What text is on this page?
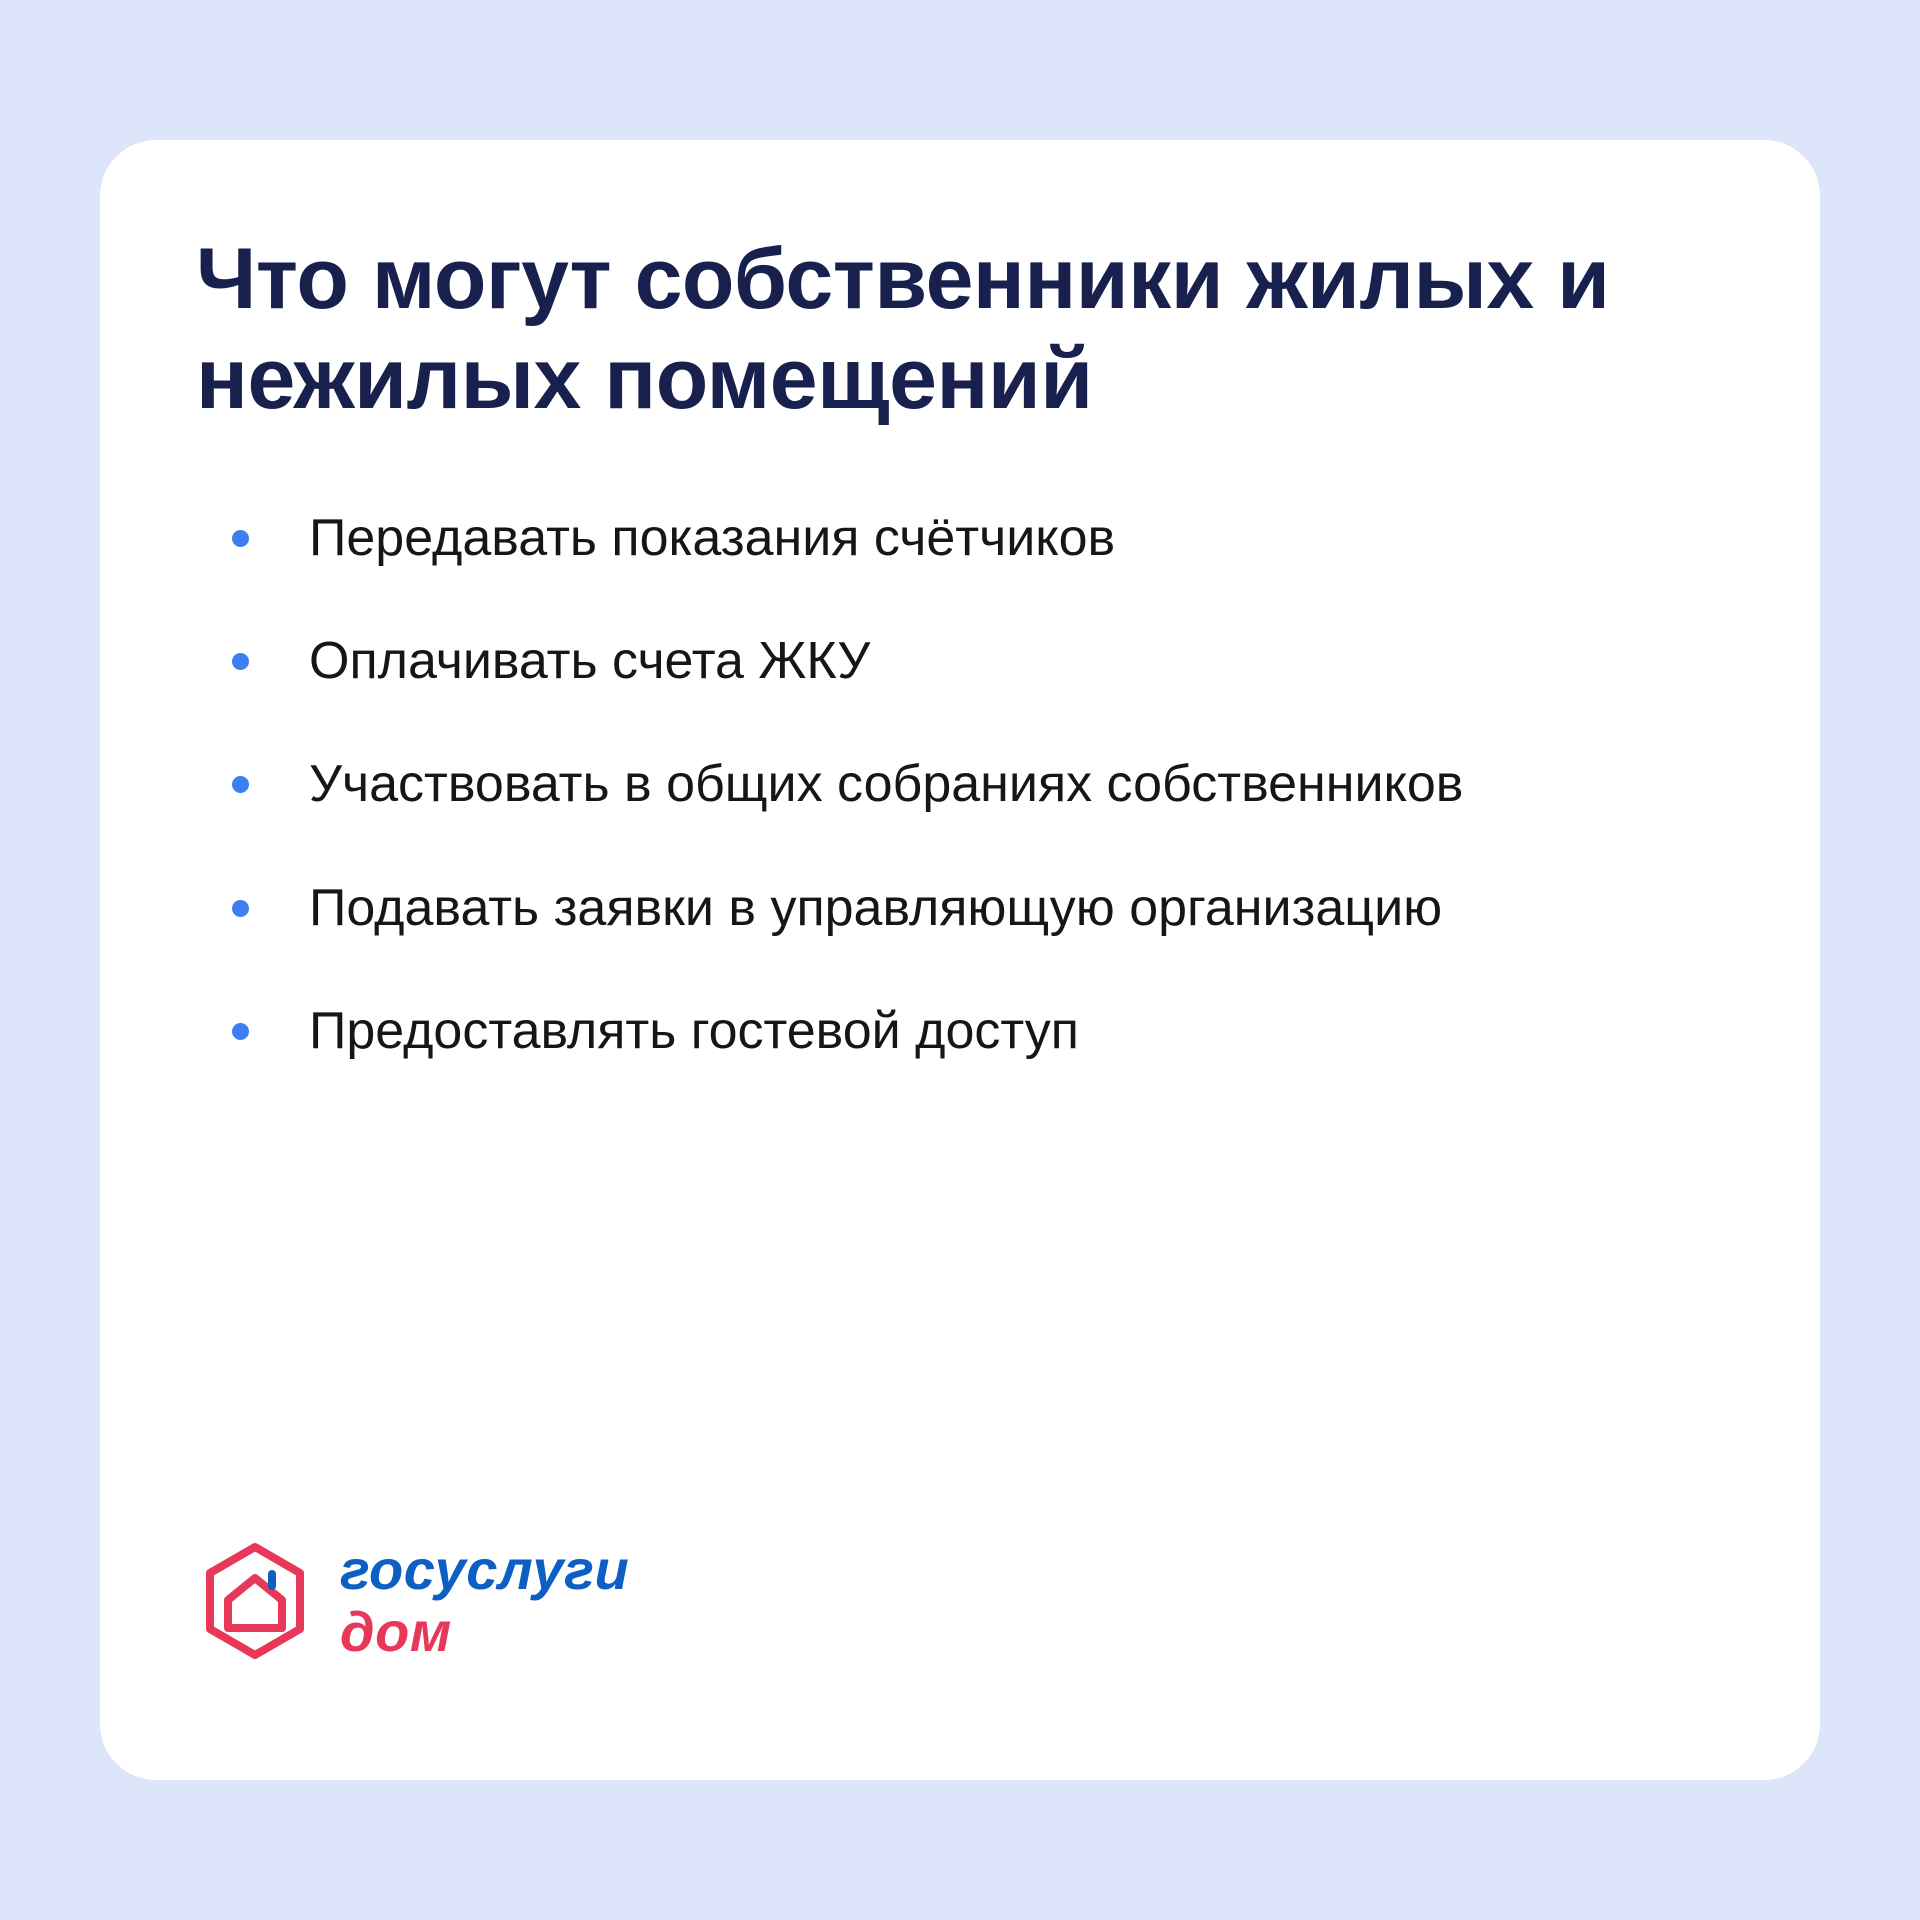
Что могут собственники жилых и нежилых помещений
Передавать показания счётчиков
Оплачивать счета ЖКУ
Участвовать в общих собраниях собственников
Подавать заявки в управляющую организацию
Предоставлять гостевой доступ
госуслуги
дом
